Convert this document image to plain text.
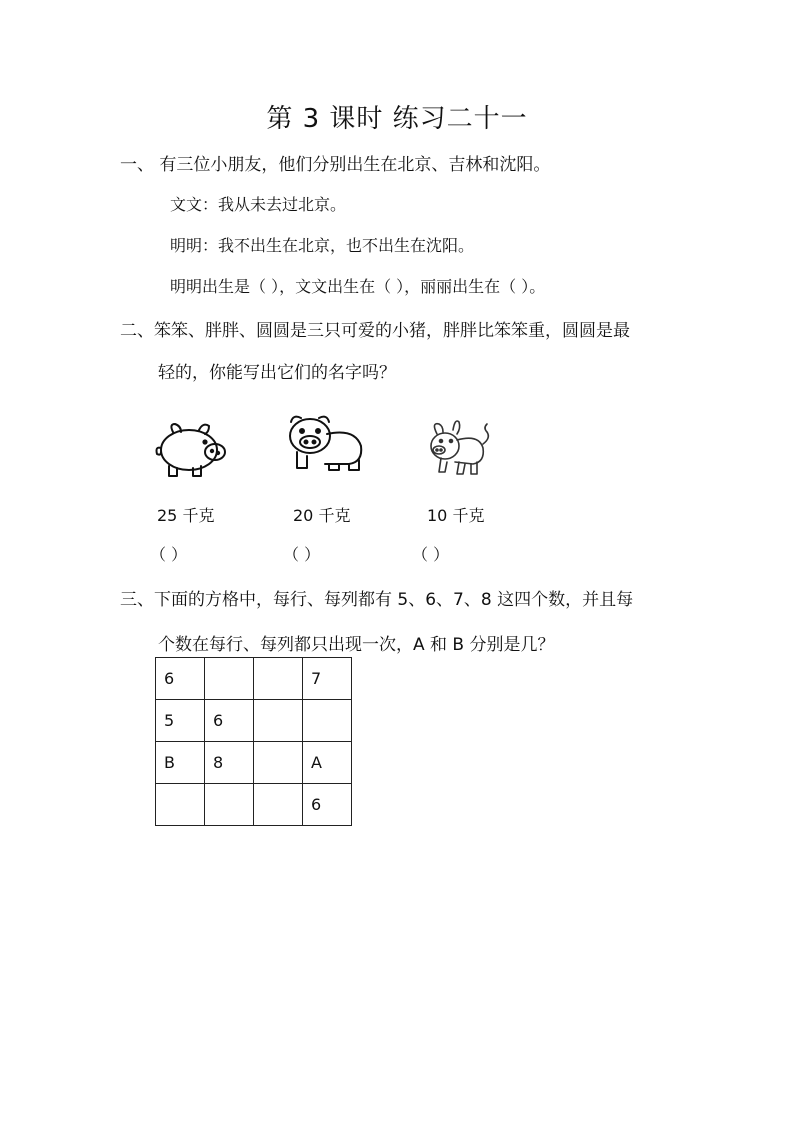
第 3 课时 练习二十一
一、 有三位小朋友，他们分别出生在北京、吉林和沈阳。
文文：我从未去过北京。
明明：我不出生在北京，也不出生在沈阳。
明明出生是（ ），文文出生在（ ），丽丽出生在（ ）。
二、笨笨、胖胖、圆圆是三只可爱的小猪，胖胖比笨笨重，圆圆是最
轻的，你能写出它们的名字吗？
25 千克	20 千克	10 千克
（ ）	（ ）	（ ）
三、下面的方格中，每行、每列都有 5、6、7、8 这四个数，并且每
个数在每行、每列都只出现一次，A 和 B 分别是几？
6			7
5	6		
B	8		A
			6
